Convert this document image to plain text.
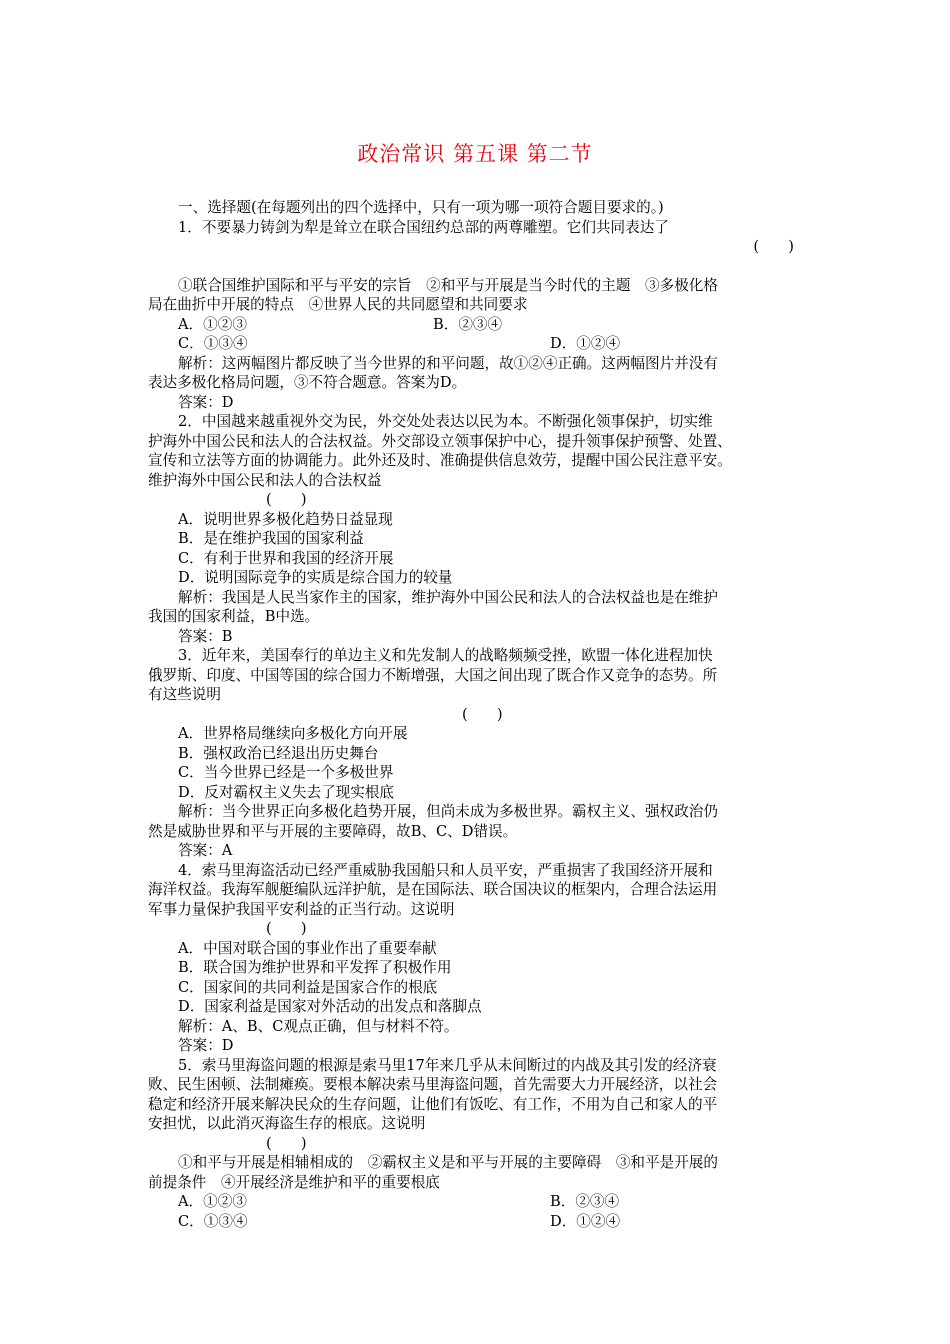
政治常识 第五课 第二节
一、选择题(在每题列出的四个选择中，只有一项为哪一项符合题目要求的。)
1．不要暴力铸剑为犁是耸立在联合国纽约总部的两尊雕塑。它们共同表达了
(　　)
①联合国维护国际和平与平安的宗旨　②和平与开展是当今时代的主题　③多极化格
局在曲折中开展的特点　④世界人民的共同愿望和共同要求
A．①②③	B．②③④
C．①③④	D．①②④
解析：这两幅图片都反映了当今世界的和平问题，故①②④正确。这两幅图片并没有
表达多极化格局问题，③不符合题意。答案为D。
答案：D
2．中国越来越重视外交为民，外交处处表达以民为本。不断强化领事保护，切实维
护海外中国公民和法人的合法权益。外交部设立领事保护中心，提升领事保护预警、处置、
宣传和立法等方面的协调能力。此外还及时、准确提供信息效劳，提醒中国公民注意平安。
维护海外中国公民和法人的合法权益
(　　)
A．说明世界多极化趋势日益显现
B．是在维护我国的国家利益
C．有利于世界和我国的经济开展
D．说明国际竞争的实质是综合国力的较量
解析：我国是人民当家作主的国家，维护海外中国公民和法人的合法权益也是在维护
我国的国家利益，B中选。
答案：B
3．近年来，美国奉行的单边主义和先发制人的战略频频受挫，欧盟一体化进程加快
俄罗斯、印度、中国等国的综合国力不断增强，大国之间出现了既合作又竞争的态势。所
有这些说明
(　　)
A．世界格局继续向多极化方向开展
B．强权政治已经退出历史舞台
C．当今世界已经是一个多极世界
D．反对霸权主义失去了现实根底
解析：当今世界正向多极化趋势开展，但尚未成为多极世界。霸权主义、强权政治仍
然是威胁世界和平与开展的主要障碍，故B、C、D错误。
答案：A
4．索马里海盗活动已经严重威胁我国船只和人员平安，严重损害了我国经济开展和
海洋权益。我海军舰艇编队远洋护航，是在国际法、联合国决议的框架内，合理合法运用
军事力量保护我国平安利益的正当行动。这说明
(　　)
A．中国对联合国的事业作出了重要奉献
B．联合国为维护世界和平发挥了积极作用
C．国家间的共同利益是国家合作的根底
D．国家利益是国家对外活动的出发点和落脚点
解析：A、B、C观点正确，但与材料不符。
答案：D
5．索马里海盗问题的根源是索马里17年来几乎从未间断过的内战及其引发的经济衰
败、民生困顿、法制瘫痪。要根本解决索马里海盗问题，首先需要大力开展经济，以社会
稳定和经济开展来解决民众的生存问题，让他们有饭吃、有工作，不用为自己和家人的平
安担忧，以此消灭海盗生存的根底。这说明
(　　)
①和平与开展是相辅相成的　②霸权主义是和平与开展的主要障碍　③和平是开展的
前提条件　④开展经济是维护和平的重要根底
A．①②③	B．②③④
C．①③④	D．①②④
